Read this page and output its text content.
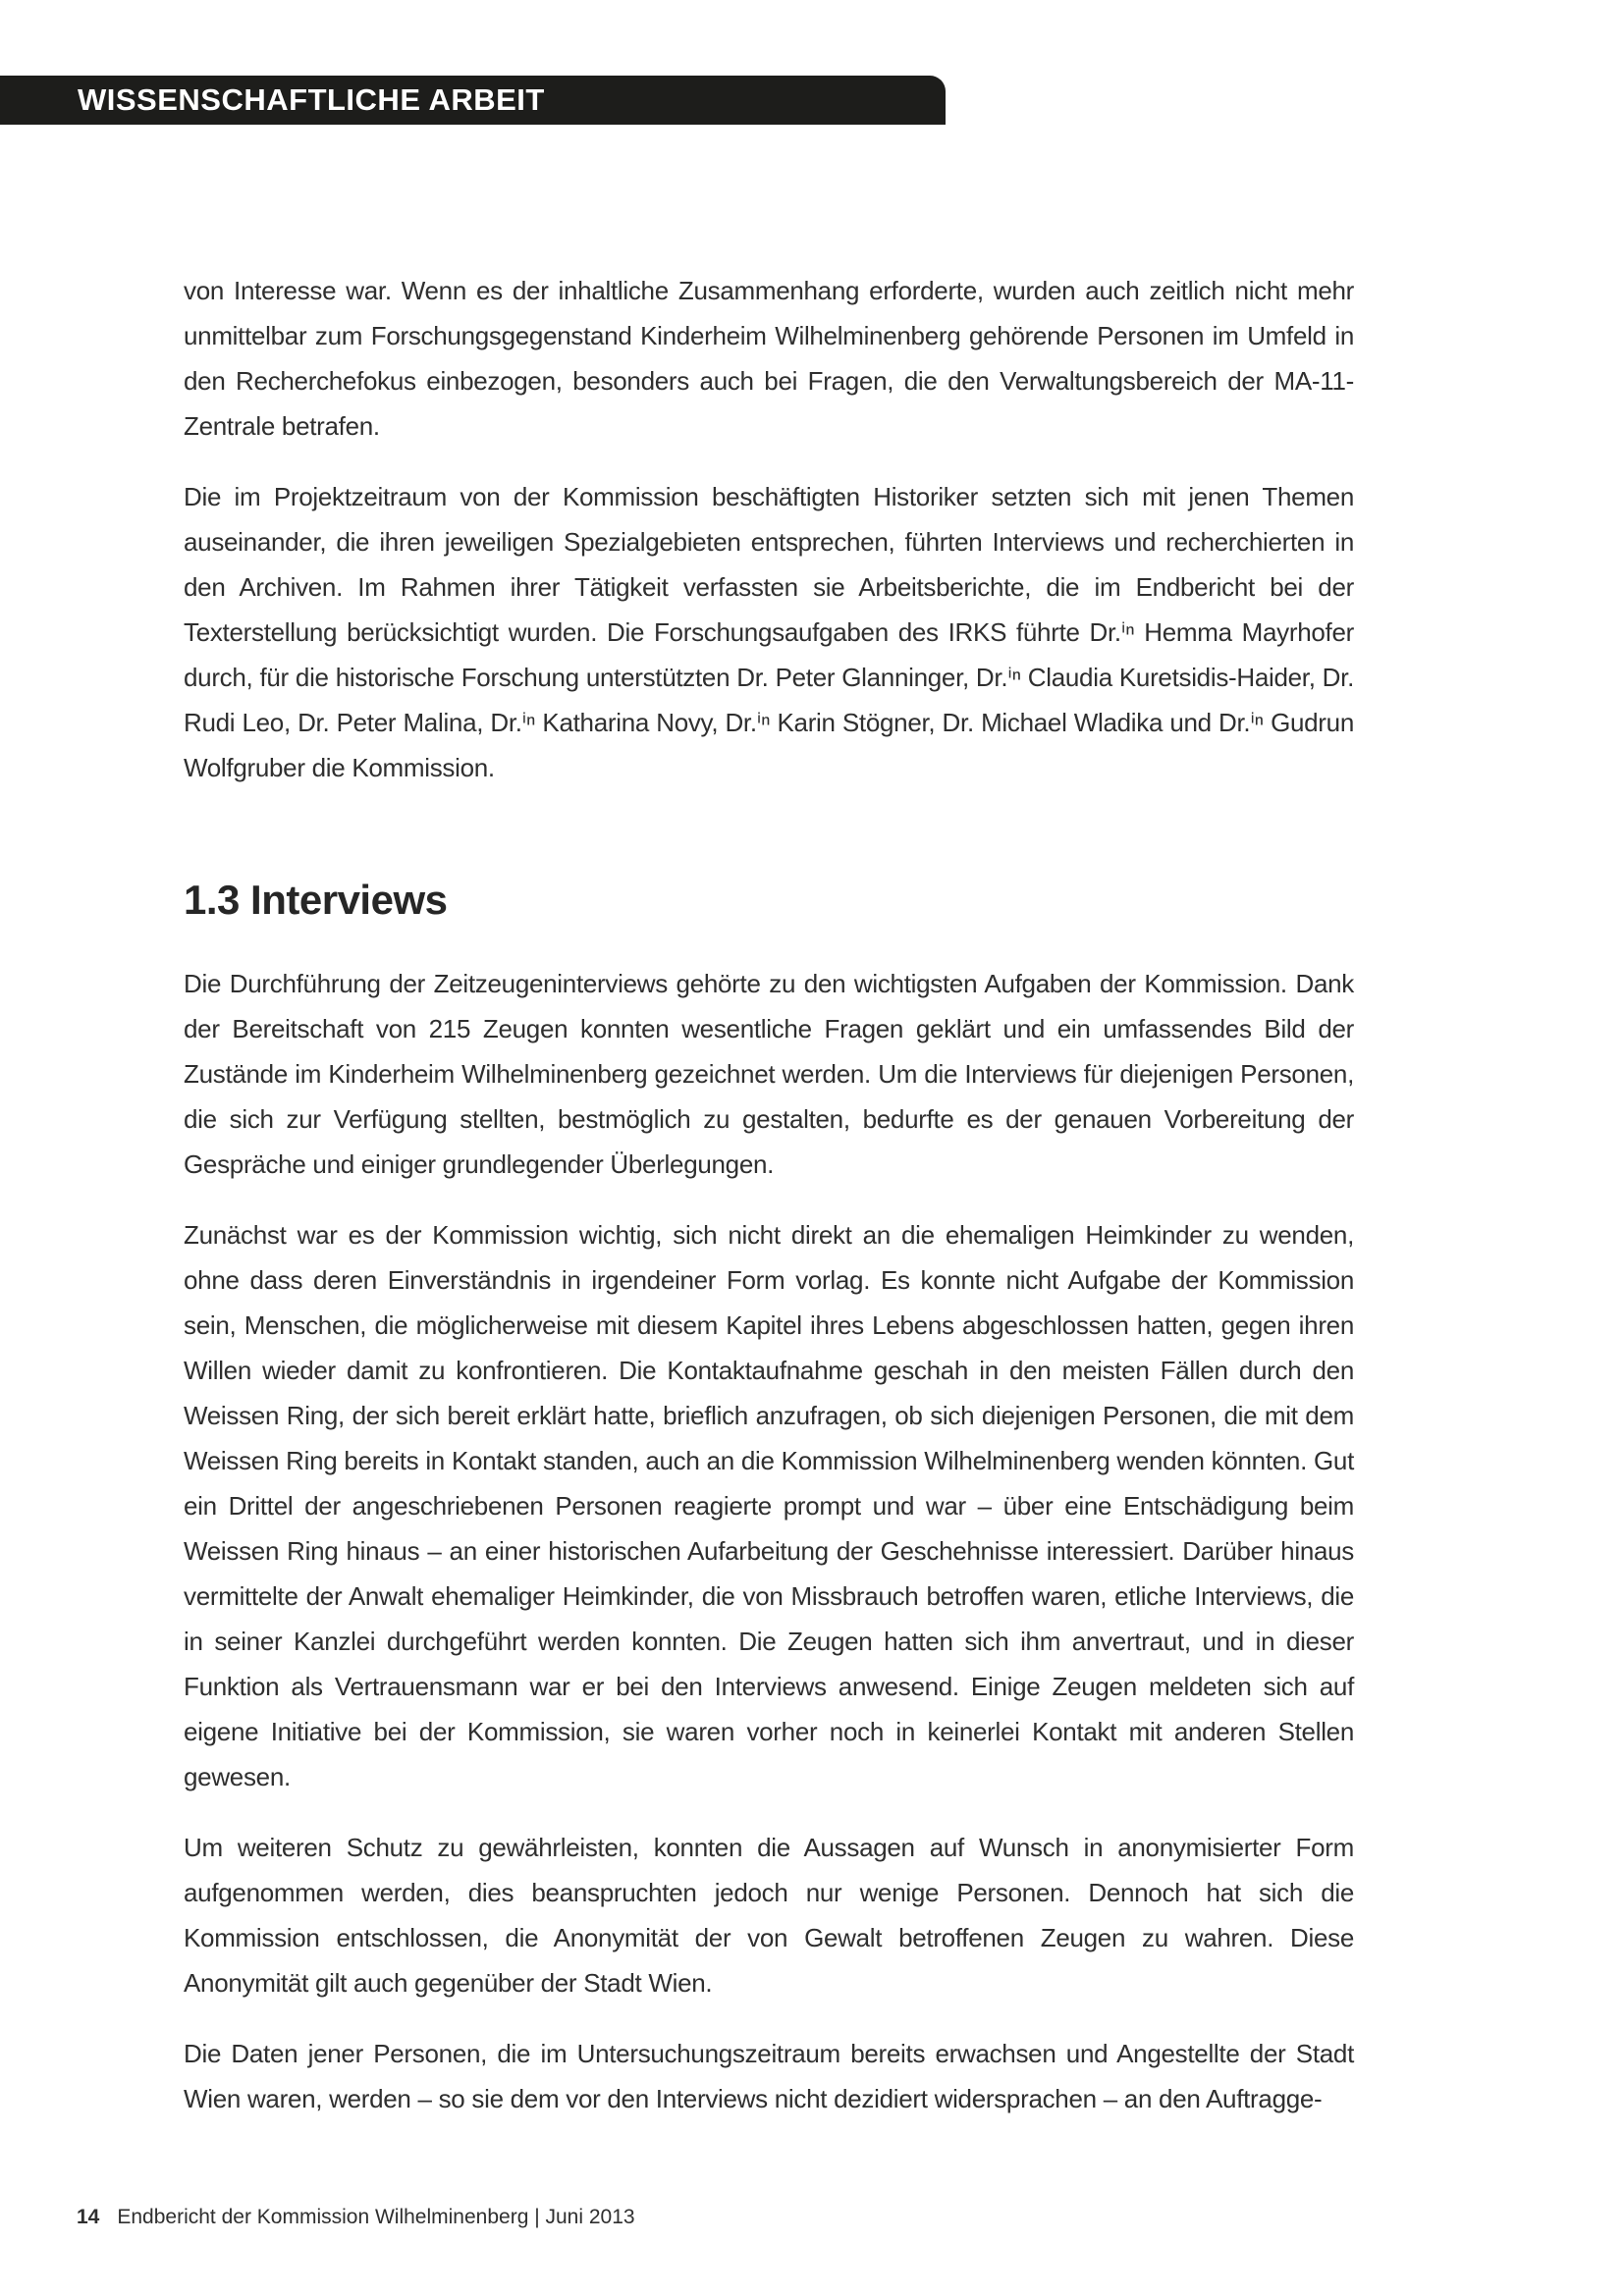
WISSENSCHAFTLICHE ARBEIT

von Interesse war. Wenn es der inhaltliche Zusammenhang erforderte, wurden auch zeitlich nicht mehr unmittelbar zum Forschungsgegenstand Kinderheim Wilhelminenberg gehörende Personen im Umfeld in den Recherchefokus einbezogen, besonders auch bei Fragen, die den Verwaltungsbereich der MA-11-Zentrale betrafen.

Die im Projektzeitraum von der Kommission beschäftigten Historiker setzten sich mit jenen Themen auseinander, die ihren jeweiligen Spezialgebieten entsprechen, führten Interviews und recherchierten in den Archiven. Im Rahmen ihrer Tätigkeit verfassten sie Arbeitsberichte, die im Endbericht bei der Texterstellung berücksichtigt wurden. Die Forschungsaufgaben des IRKS führte Dr.ⁱⁿ Hemma Mayrhofer durch, für die historische Forschung unterstützten Dr. Peter Glanninger, Dr.ⁱⁿ Claudia Kuretsidis-Haider, Dr. Rudi Leo, Dr. Peter Malina, Dr.ⁱⁿ Katharina Novy, Dr.ⁱⁿ Karin Stögner, Dr. Michael Wladika und Dr.ⁱⁿ Gudrun Wolfgruber die Kommission.

1.3 Interviews

Die Durchführung der Zeitzeugeninterviews gehörte zu den wichtigsten Aufgaben der Kommission. Dank der Bereitschaft von 215 Zeugen konnten wesentliche Fragen geklärt und ein umfassendes Bild der Zustände im Kinderheim Wilhelminenberg gezeichnet werden. Um die Interviews für diejenigen Personen, die sich zur Verfügung stellten, bestmöglich zu gestalten, bedurfte es der genauen Vorbereitung der Gespräche und einiger grundlegender Überlegungen.

Zunächst war es der Kommission wichtig, sich nicht direkt an die ehemaligen Heimkinder zu wenden, ohne dass deren Einverständnis in irgendeiner Form vorlag. Es konnte nicht Aufgabe der Kommission sein, Menschen, die möglicherweise mit diesem Kapitel ihres Lebens abgeschlossen hatten, gegen ihren Willen wieder damit zu konfrontieren. Die Kontaktaufnahme geschah in den meisten Fällen durch den Weissen Ring, der sich bereit erklärt hatte, brieflich anzufragen, ob sich diejenigen Personen, die mit dem Weissen Ring bereits in Kontakt standen, auch an die Kommission Wilhelminenberg wenden könnten. Gut ein Drittel der angeschriebenen Personen reagierte prompt und war – über eine Entschädigung beim Weissen Ring hinaus – an einer historischen Aufarbeitung der Geschehnisse interessiert. Darüber hinaus vermittelte der Anwalt ehemaliger Heimkinder, die von Missbrauch betroffen waren, etliche Interviews, die in seiner Kanzlei durchgeführt werden konnten. Die Zeugen hatten sich ihm anvertraut, und in dieser Funktion als Vertrauensmann war er bei den Interviews anwesend. Einige Zeugen meldeten sich auf eigene Initiative bei der Kommission, sie waren vorher noch in keinerlei Kontakt mit anderen Stellen gewesen.

Um weiteren Schutz zu gewährleisten, konnten die Aussagen auf Wunsch in anonymisierter Form aufgenommen werden, dies beanspruchten jedoch nur wenige Personen. Dennoch hat sich die Kommission entschlossen, die Anonymität der von Gewalt betroffenen Zeugen zu wahren. Diese Anonymität gilt auch gegenüber der Stadt Wien.

Die Daten jener Personen, die im Untersuchungszeitraum bereits erwachsen und Angestellte der Stadt Wien waren, werden – so sie dem vor den Interviews nicht dezidiert widersprachen – an den Auftragge-

14 Endbericht der Kommission Wilhelminenberg | Juni 2013
